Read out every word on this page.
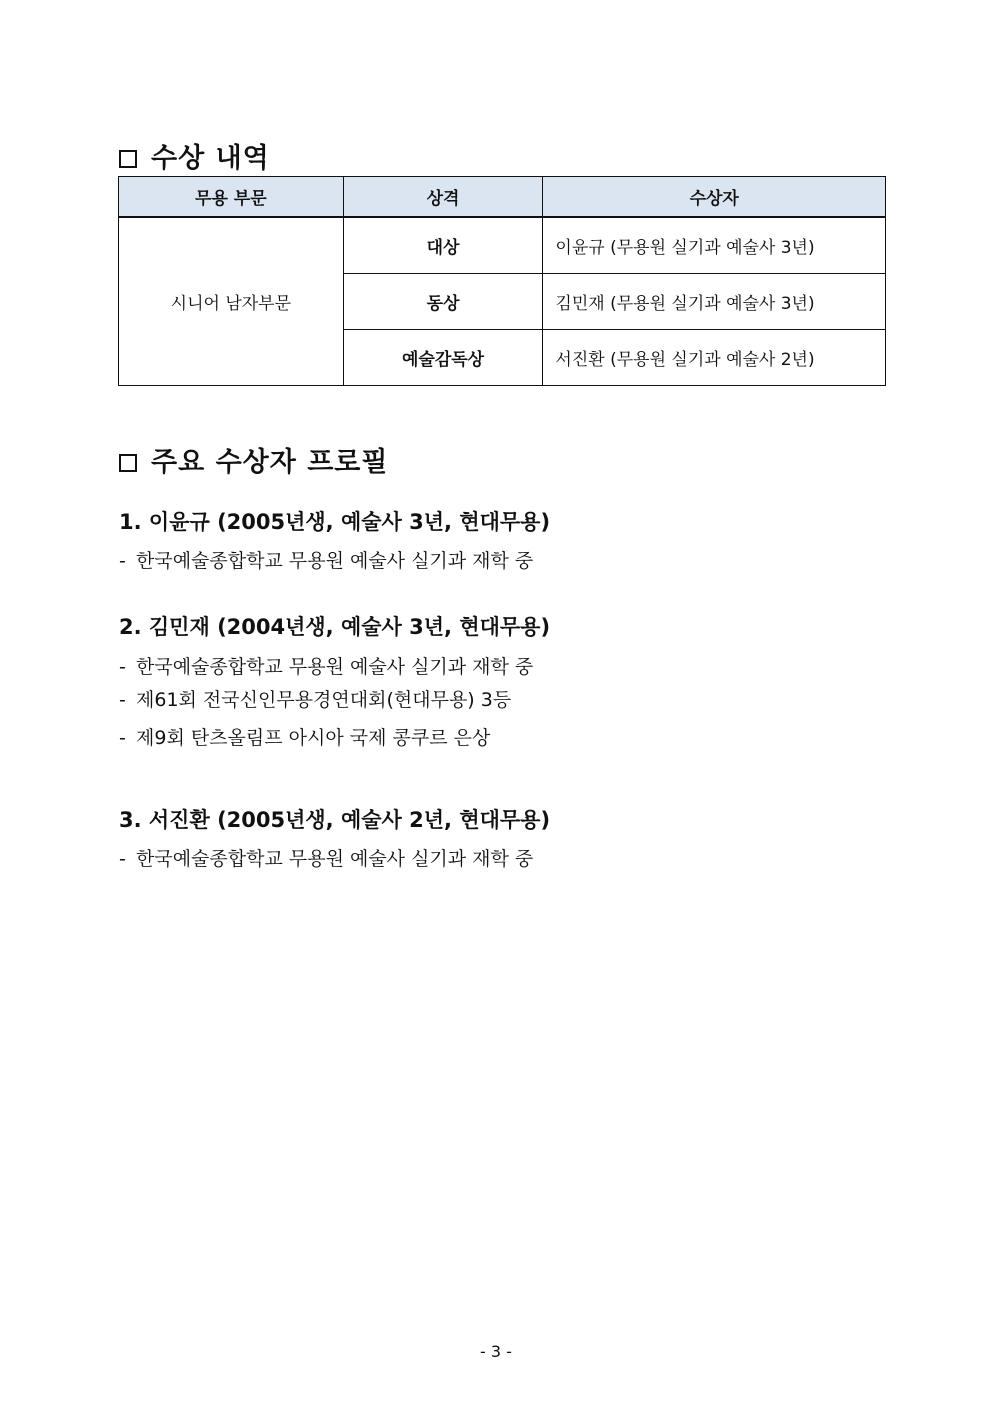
수상 내역
무용 부문	상격	수상자
시니어 남자부문	대상	이윤규 (무용원 실기과 예술사 3년)
	동상	김민재 (무용원 실기과 예술사 3년)
	예술감독상	서진환 (무용원 실기과 예술사 2년)
주요 수상자 프로필
1. 이윤규 (2005년생, 예술사 3년, 현대무용)
- 한국예술종합학교 무용원 예술사 실기과 재학 중
2. 김민재 (2004년생, 예술사 3년, 현대무용)
- 한국예술종합학교 무용원 예술사 실기과 재학 중
- 제61회 전국신인무용경연대회(현대무용) 3등
- 제9회 탄츠올림프 아시아 국제 콩쿠르 은상
3. 서진환 (2005년생, 예술사 2년, 현대무용)
- 한국예술종합학교 무용원 예술사 실기과 재학 중
- 3 -
